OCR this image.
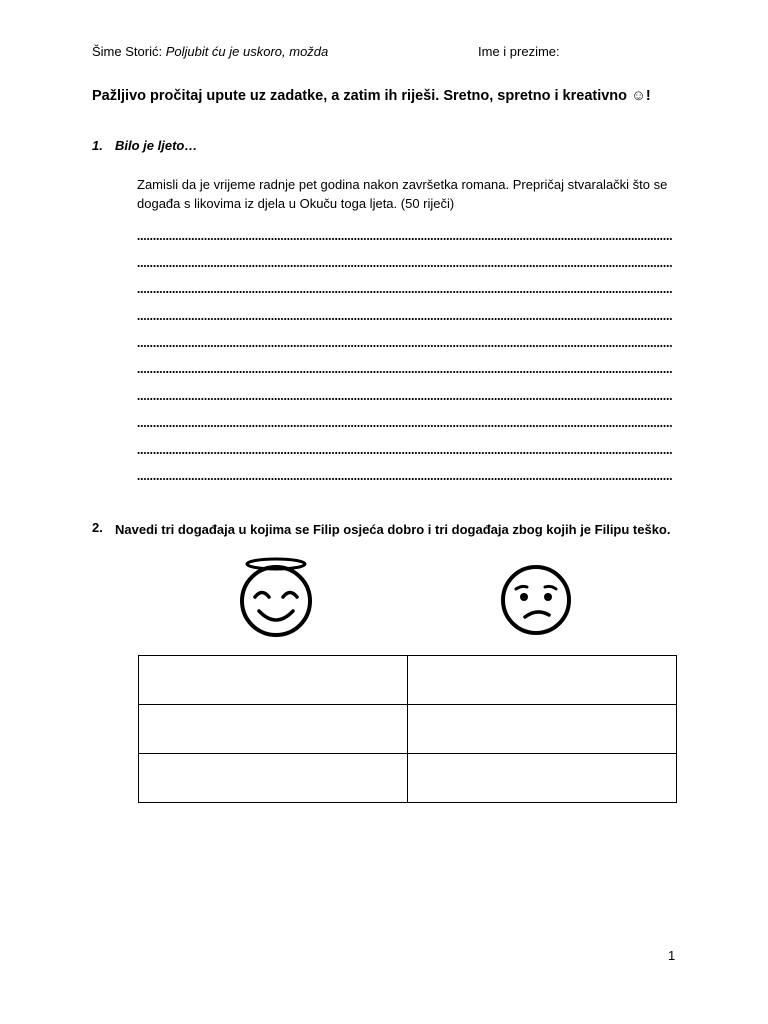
Šime Storić: Poljubit ću je uskoro, možda	Ime i prezime:
Pažljivo pročitaj upute uz zadatke, a zatim ih riješi. Sretno, spretno i kreativno ☺!
1. Bilo je ljeto…
Zamisli da je vrijeme radnje pet godina nakon završetka romana. Prepričaj stvaralački što se događa s likovima iz djela u Okuču toga ljeta. (50 riječi)
2. Navedi tri događaja u kojima se Filip osjeća dobro i tri događaja zbog kojih je Filipu teško.

1
